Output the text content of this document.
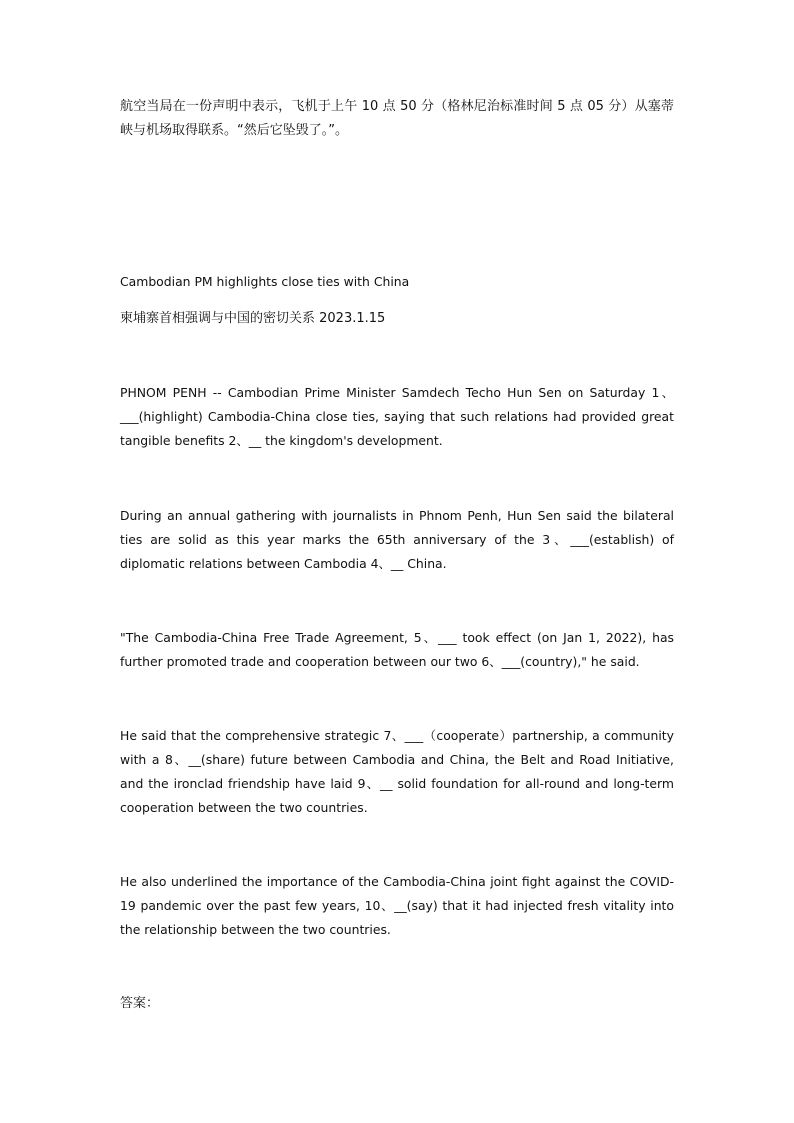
航空当局在一份声明中表示，飞机于上午 10 点 50 分（格林尼治标准时间 5 点 05 分）从塞蒂峡与机场取得联系。“然后它坠毁了。”。

Cambodian PM highlights close ties with China

柬埔寨首相强调与中国的密切关系 2023.1.15

PHNOM PENH -- Cambodian Prime Minister Samdech Techo Hun Sen on Saturday 1、___(highlight) Cambodia-China close ties, saying that such relations had provided great tangible benefits 2、__ the kingdom's development.

During an annual gathering with journalists in Phnom Penh, Hun Sen said the bilateral ties are solid as this year marks the 65th anniversary of the 3、___(establish) of diplomatic relations between Cambodia 4、__ China.

"The Cambodia-China Free Trade Agreement, 5、___ took effect (on Jan 1, 2022), has further promoted trade and cooperation between our two 6、___(country)," he said.

He said that the comprehensive strategic 7、___（cooperate）partnership, a community with a 8、__(share) future between Cambodia and China, the Belt and Road Initiative, and the ironclad friendship have laid 9、__ solid foundation for all-round and long-term cooperation between the two countries.

He also underlined the importance of the Cambodia-China joint fight against the COVID-19 pandemic over the past few years, 10、__(say) that it had injected fresh vitality into the relationship between the two countries.

答案：
